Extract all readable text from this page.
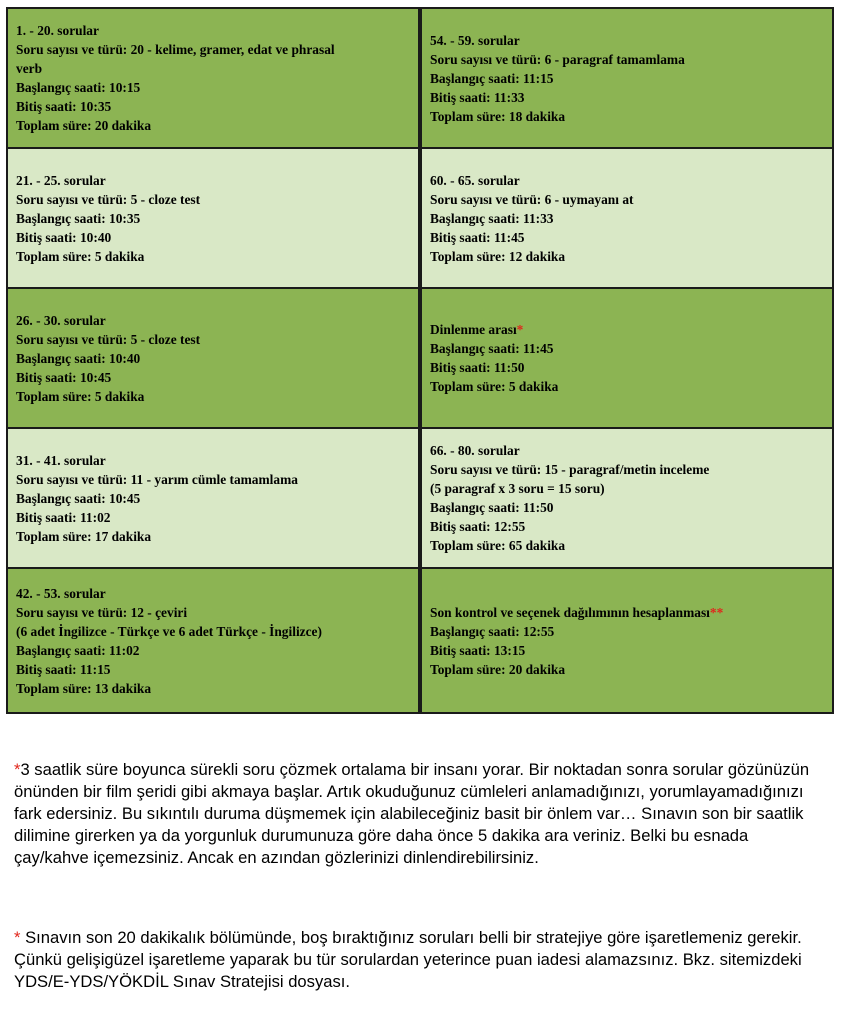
1. - 20. sorular
Soru sayısı ve türü: 20 - kelime, gramer, edat ve phrasal
verb
Başlangıç saati: 10:15
Bitiş saati: 10:35
Toplam süre: 20 dakika
21. - 25. sorular
Soru sayısı ve türü: 5 - cloze test
Başlangıç saati: 10:35
Bitiş saati: 10:40
Toplam süre: 5 dakika
26. - 30. sorular
Soru sayısı ve türü: 5 - cloze test
Başlangıç saati: 10:40
Bitiş saati: 10:45
Toplam süre: 5 dakika
31. - 41. sorular
Soru sayısı ve türü: 11 - yarım cümle tamamlama
Başlangıç saati: 10:45
Bitiş saati: 11:02
Toplam süre: 17 dakika
42. - 53. sorular
Soru sayısı ve türü: 12 - çeviri
(6 adet İngilizce - Türkçe ve 6 adet Türkçe - İngilizce)
Başlangıç saati: 11:02
Bitiş saati: 11:15
Toplam süre: 13 dakika
54. - 59. sorular
Soru sayısı ve türü: 6 - paragraf tamamlama
Başlangıç saati: 11:15
Bitiş saati: 11:33
Toplam süre: 18 dakika
60. - 65. sorular
Soru sayısı ve türü: 6 - uymayanı at
Başlangıç saati: 11:33
Bitiş saati: 11:45
Toplam süre: 12 dakika
Dinlenme arası*
Başlangıç saati: 11:45
Bitiş saati: 11:50
Toplam süre: 5 dakika
66. - 80. sorular
Soru sayısı ve türü: 15 - paragraf/metin inceleme
(5 paragraf x 3 soru = 15 soru)
Başlangıç saati: 11:50
Bitiş saati: 12:55
Toplam süre: 65 dakika
Son kontrol ve seçenek dağılımının hesaplanması**
Başlangıç saati: 12:55
Bitiş saati: 13:15
Toplam süre: 20 dakika
*3 saatlik süre boyunca sürekli soru çözmek ortalama bir insanı yorar. Bir noktadan sonra sorular gözünüzün önünden bir film şeridi gibi akmaya başlar. Artık okuduğunuz cümleleri anlamadığınızı, yorumlayamadığınızı fark edersiniz. Bu sıkıntılı duruma düşmemek için alabileceğiniz basit bir önlem var… Sınavın son bir saatlik dilimine girerken ya da yorgunluk durumunuza göre daha önce 5 dakika ara veriniz. Belki bu esnada çay/kahve içemezsiniz. Ancak en azından gözlerinizi dinlendirebilirsiniz.
* Sınavın son 20 dakikalık bölümünde, boş bıraktığınız soruları belli bir stratejiye göre işaretlemeniz gerekir. Çünkü gelişigüzel işaretleme yaparak bu tür sorulardan yeterince puan iadesi alamazsınız. Bkz. sitemizdeki YDS/E-YDS/YÖKDİL Sınav Stratejisi dosyası.
